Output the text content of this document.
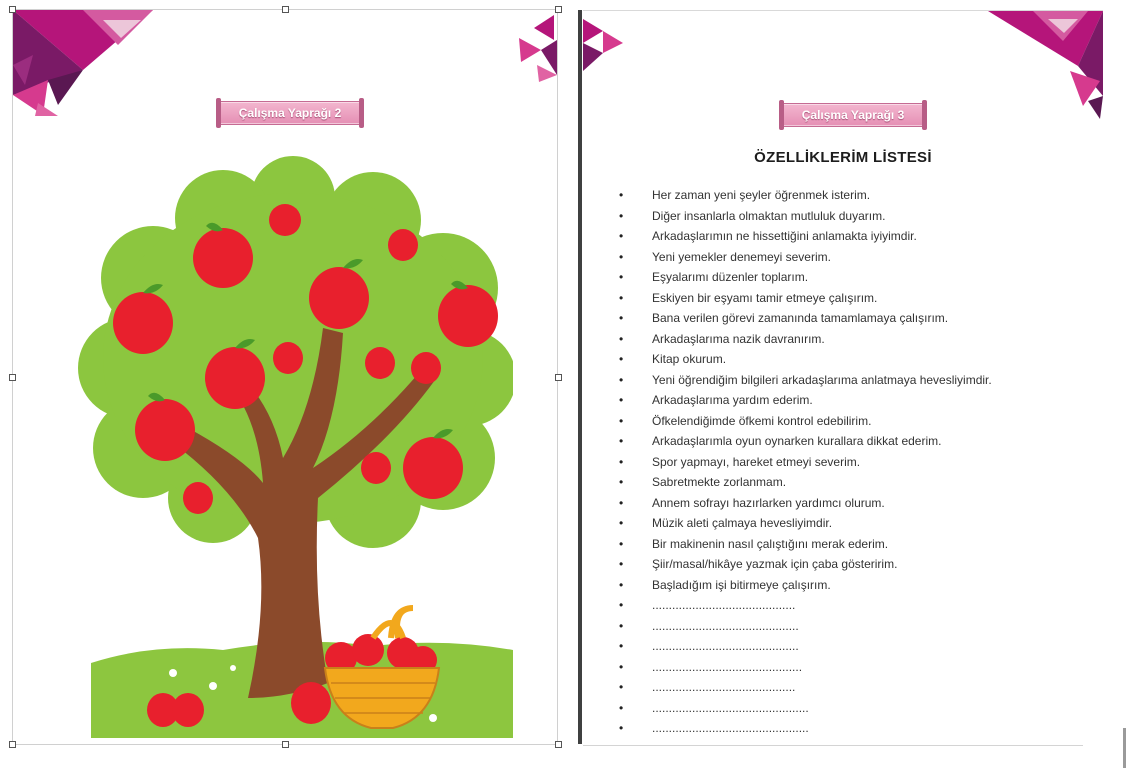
Çalışma Yaprağı 2	Çalışma Yaprağı 3
ÖZELLİKLERİM LİSTESİ
• Her zaman yeni şeyler öğrenmek isterim.
• Diğer insanlarla olmaktan mutluluk duyarım.
• Arkadaşlarımın ne hissettiğini anlamakta iyiyimdir.
• Yeni yemekler denemeyi severim.
• Eşyalarımı düzenler toplarım.
• Eskiyen bir eşyamı tamir etmeye çalışırım.
• Bana verilen görevi zamanında tamamlamaya çalışırım.
• Arkadaşlarıma nazik davranırım.
• Kitap okurum.
• Yeni öğrendiğim bilgileri arkadaşlarıma anlatmaya hevesliyimdir.
• Arkadaşlarıma yardım ederim.
• Öfkelendiğimde öfkemi kontrol edebilirim.
• Arkadaşlarımla oyun oynarken kurallara dikkat ederim.
• Spor yapmayı, hareket etmeyi severim.
• Sabretmekte zorlanmam.
• Annem sofrayı hazırlarken yardımcı olurum.
• Müzik aleti çalmaya hevesliyimdir.
• Bir makinenin nasıl çalıştığını merak ederim.
• Şiir/masal/hikâye yazmak için çaba gösteririm.
• Başladığım işi bitirmeye çalışırım.
• ...........................................
• ............................................
• ............................................
• .............................................
• ...........................................
• ...............................................
• ...............................................
